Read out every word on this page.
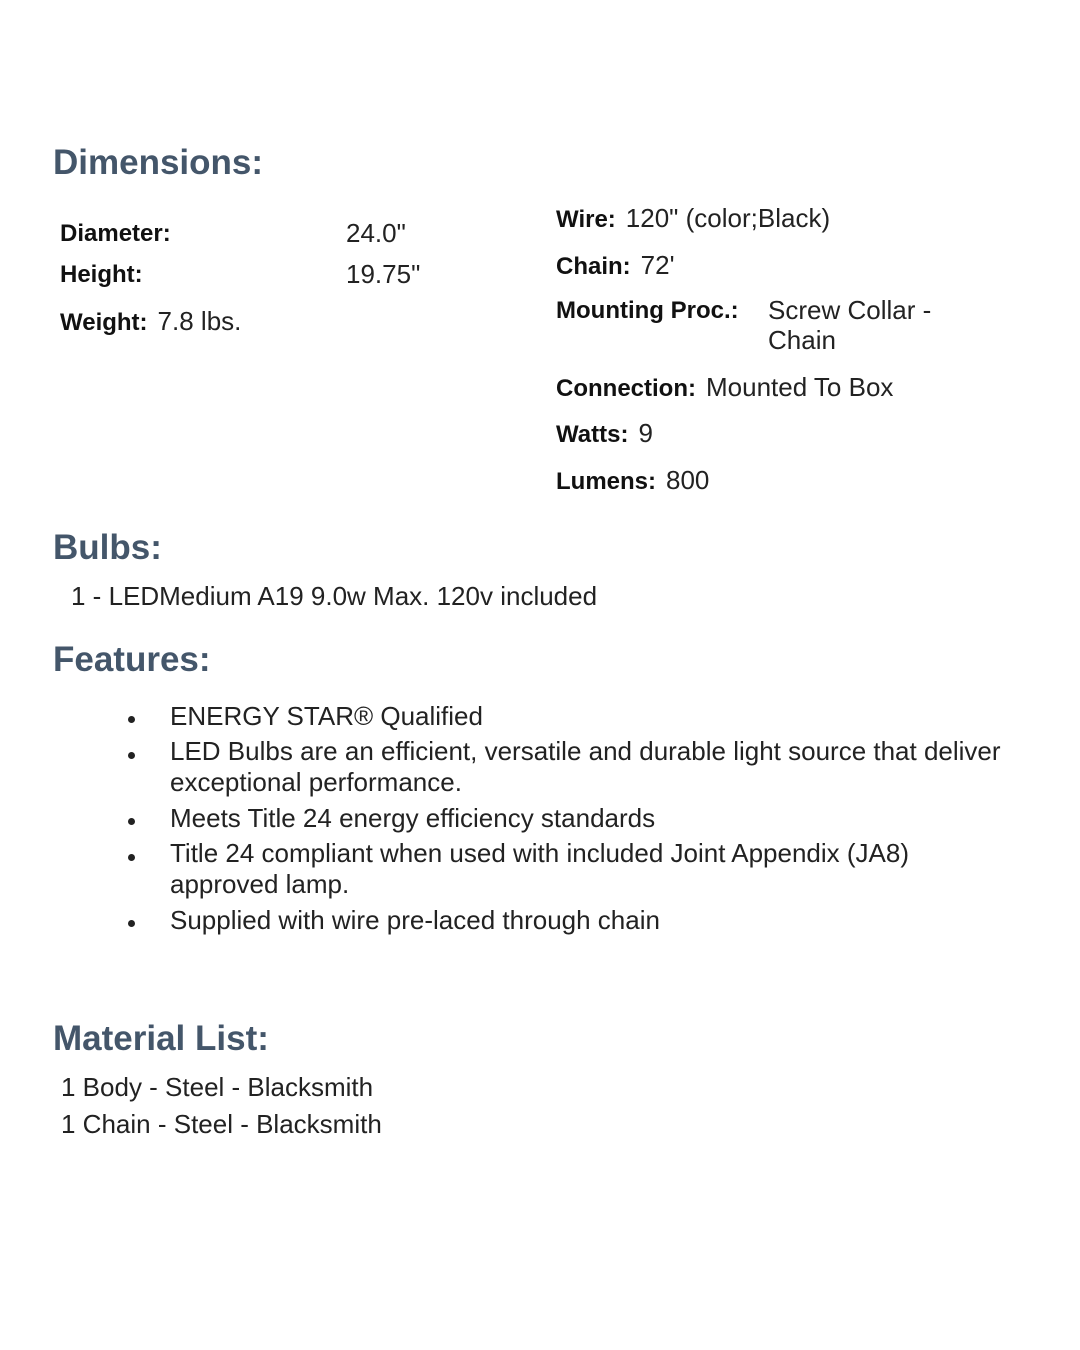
Dimensions:
Diameter:	24.0"
Height:	19.75"
Weight: 7.8 lbs.
Wire: 120" (color;Black)
Chain: 72'
Mounting Proc.: Screw Collar -
Chain
Connection: Mounted To Box
Watts: 9
Lumens: 800
Bulbs:
1 - LEDMedium A19 9.0w Max. 120v included
Features:
ENERGY STAR® Qualified
LED Bulbs are an efficient, versatile and durable light source that deliver exceptional performance.
Meets Title 24 energy efficiency standards
Title 24 compliant when used with included Joint Appendix (JA8) approved lamp.
Supplied with wire pre-laced through chain
Material List:
1 Body - Steel - Blacksmith
1 Chain - Steel - Blacksmith
